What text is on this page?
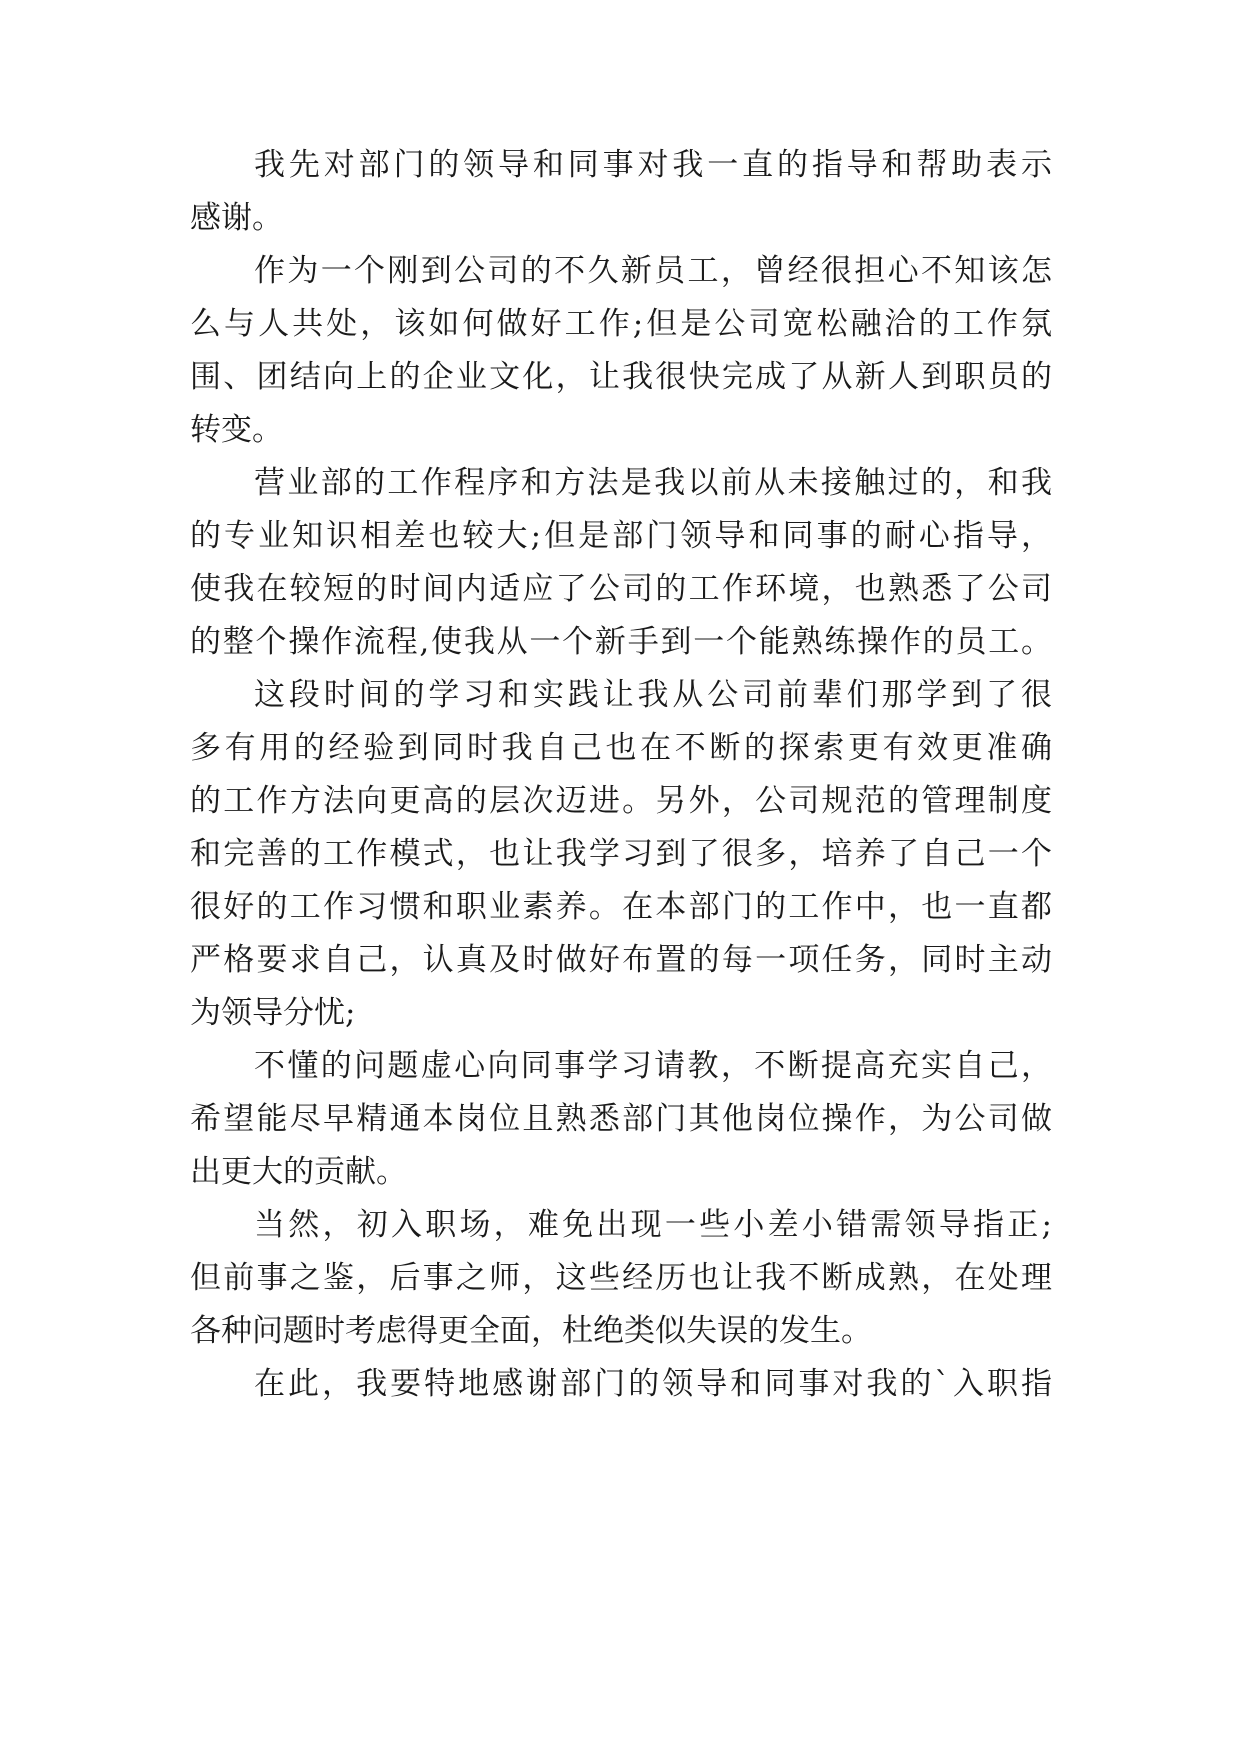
我先对部门的领导和同事对我一直的指导和帮助表示
感谢。
作为一个刚到公司的不久新员工，曾经很担心不知该怎
么与人共处，该如何做好工作;但是公司宽松融洽的工作氛
围、团结向上的企业文化，让我很快完成了从新人到职员的
转变。
营业部的工作程序和方法是我以前从未接触过的，和我
的专业知识相差也较大;但是部门领导和同事的耐心指导，
使我在较短的时间内适应了公司的工作环境，也熟悉了公司
的整个操作流程,使我从一个新手到一个能熟练操作的员工。
这段时间的学习和实践让我从公司前辈们那学到了很
多有用的经验到同时我自己也在不断的探索更有效更准确
的工作方法向更高的层次迈进。另外，公司规范的管理制度
和完善的工作模式，也让我学习到了很多，培养了自己一个
很好的工作习惯和职业素养。在本部门的工作中，也一直都
严格要求自己，认真及时做好布置的每一项任务，同时主动
为领导分忧;
不懂的问题虚心向同事学习请教，不断提高充实自己，
希望能尽早精通本岗位且熟悉部门其他岗位操作，为公司做
出更大的贡献。
当然，初入职场，难免出现一些小差小错需领导指正;
但前事之鉴，后事之师，这些经历也让我不断成熟，在处理
各种问题时考虑得更全面，杜绝类似失误的发生。
在此，我要特地感谢部门的领导和同事对我的`入职指
